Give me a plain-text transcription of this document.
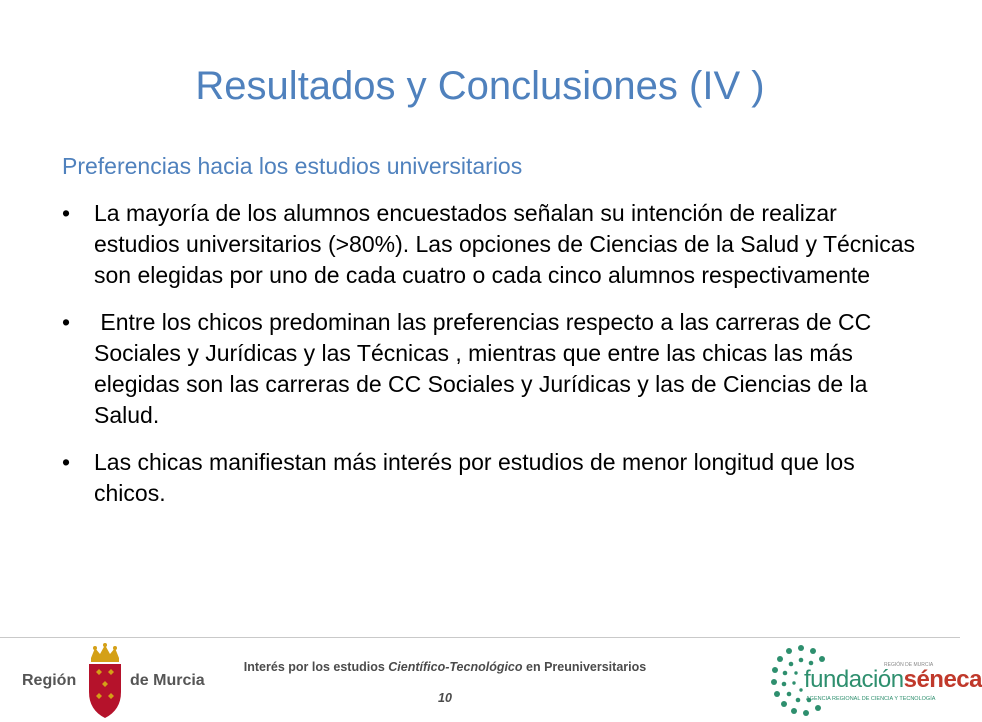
Resultados y Conclusiones (IV )
Preferencias hacia los estudios universitarios
• La mayoría de los alumnos encuestados señalan su intención de realizar estudios universitarios (>80%). Las opciones de Ciencias de la Salud y Técnicas son elegidas por uno de cada cuatro o cada cinco alumnos respectivamente
• Entre los chicos predominan las preferencias respecto a las carreras de CC Sociales y Jurídicas y las Técnicas , mientras que entre las chicas las más elegidas son las carreras de CC Sociales y Jurídicas y las de Ciencias de la Salud.
• Las chicas manifiestan más interés por estudios de menor longitud que los chicos.
Región	de Murcia
Interés por los estudios Científico-Tecnológico en Preuniversitarios
10
REGIÓN DE MURCIA
fundaciónséneca
AGENCIA REGIONAL DE CIENCIA Y TECNOLOGÍA
